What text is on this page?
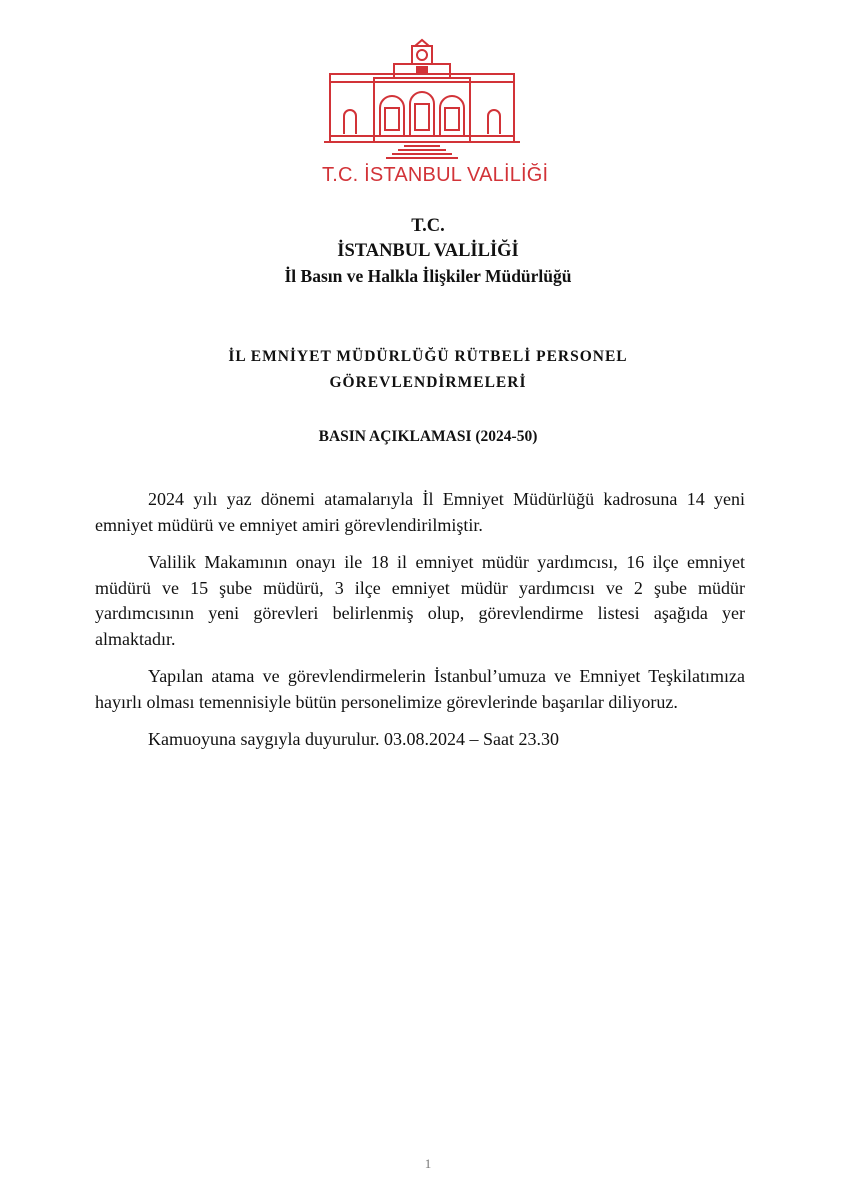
T.C. İSTANBUL VALİLİĞİ
T.C.
İSTANBUL VALİLİĞİ
İl Basın ve Halkla İlişkiler Müdürlüğü
İL EMNİYET MÜDÜRLÜĞÜ RÜTBELİ PERSONEL
GÖREVLENDİRMELERİ
BASIN AÇIKLAMASI (2024-50)

2024 yılı yaz dönemi atamalarıyla İl Emniyet Müdürlüğü kadrosuna 14 yeni emniyet müdürü ve emniyet amiri görevlendirilmiştir.

Valilik Makamının onayı ile 18 il emniyet müdür yardımcısı, 16 ilçe emniyet müdürü ve 15 şube müdürü, 3 ilçe emniyet müdür yardımcısı ve 2 şube müdür yardımcısının yeni görevleri belirlenmiş olup, görevlendirme listesi aşağıda yer almaktadır.

Yapılan atama ve görevlendirmelerin İstanbul’umuza ve Emniyet Teşkilatımıza hayırlı olması temennisiyle bütün personelimize görevlerinde başarılar diliyoruz.

Kamuoyuna saygıyla duyurulur. 03.08.2024 – Saat 23.30

1
